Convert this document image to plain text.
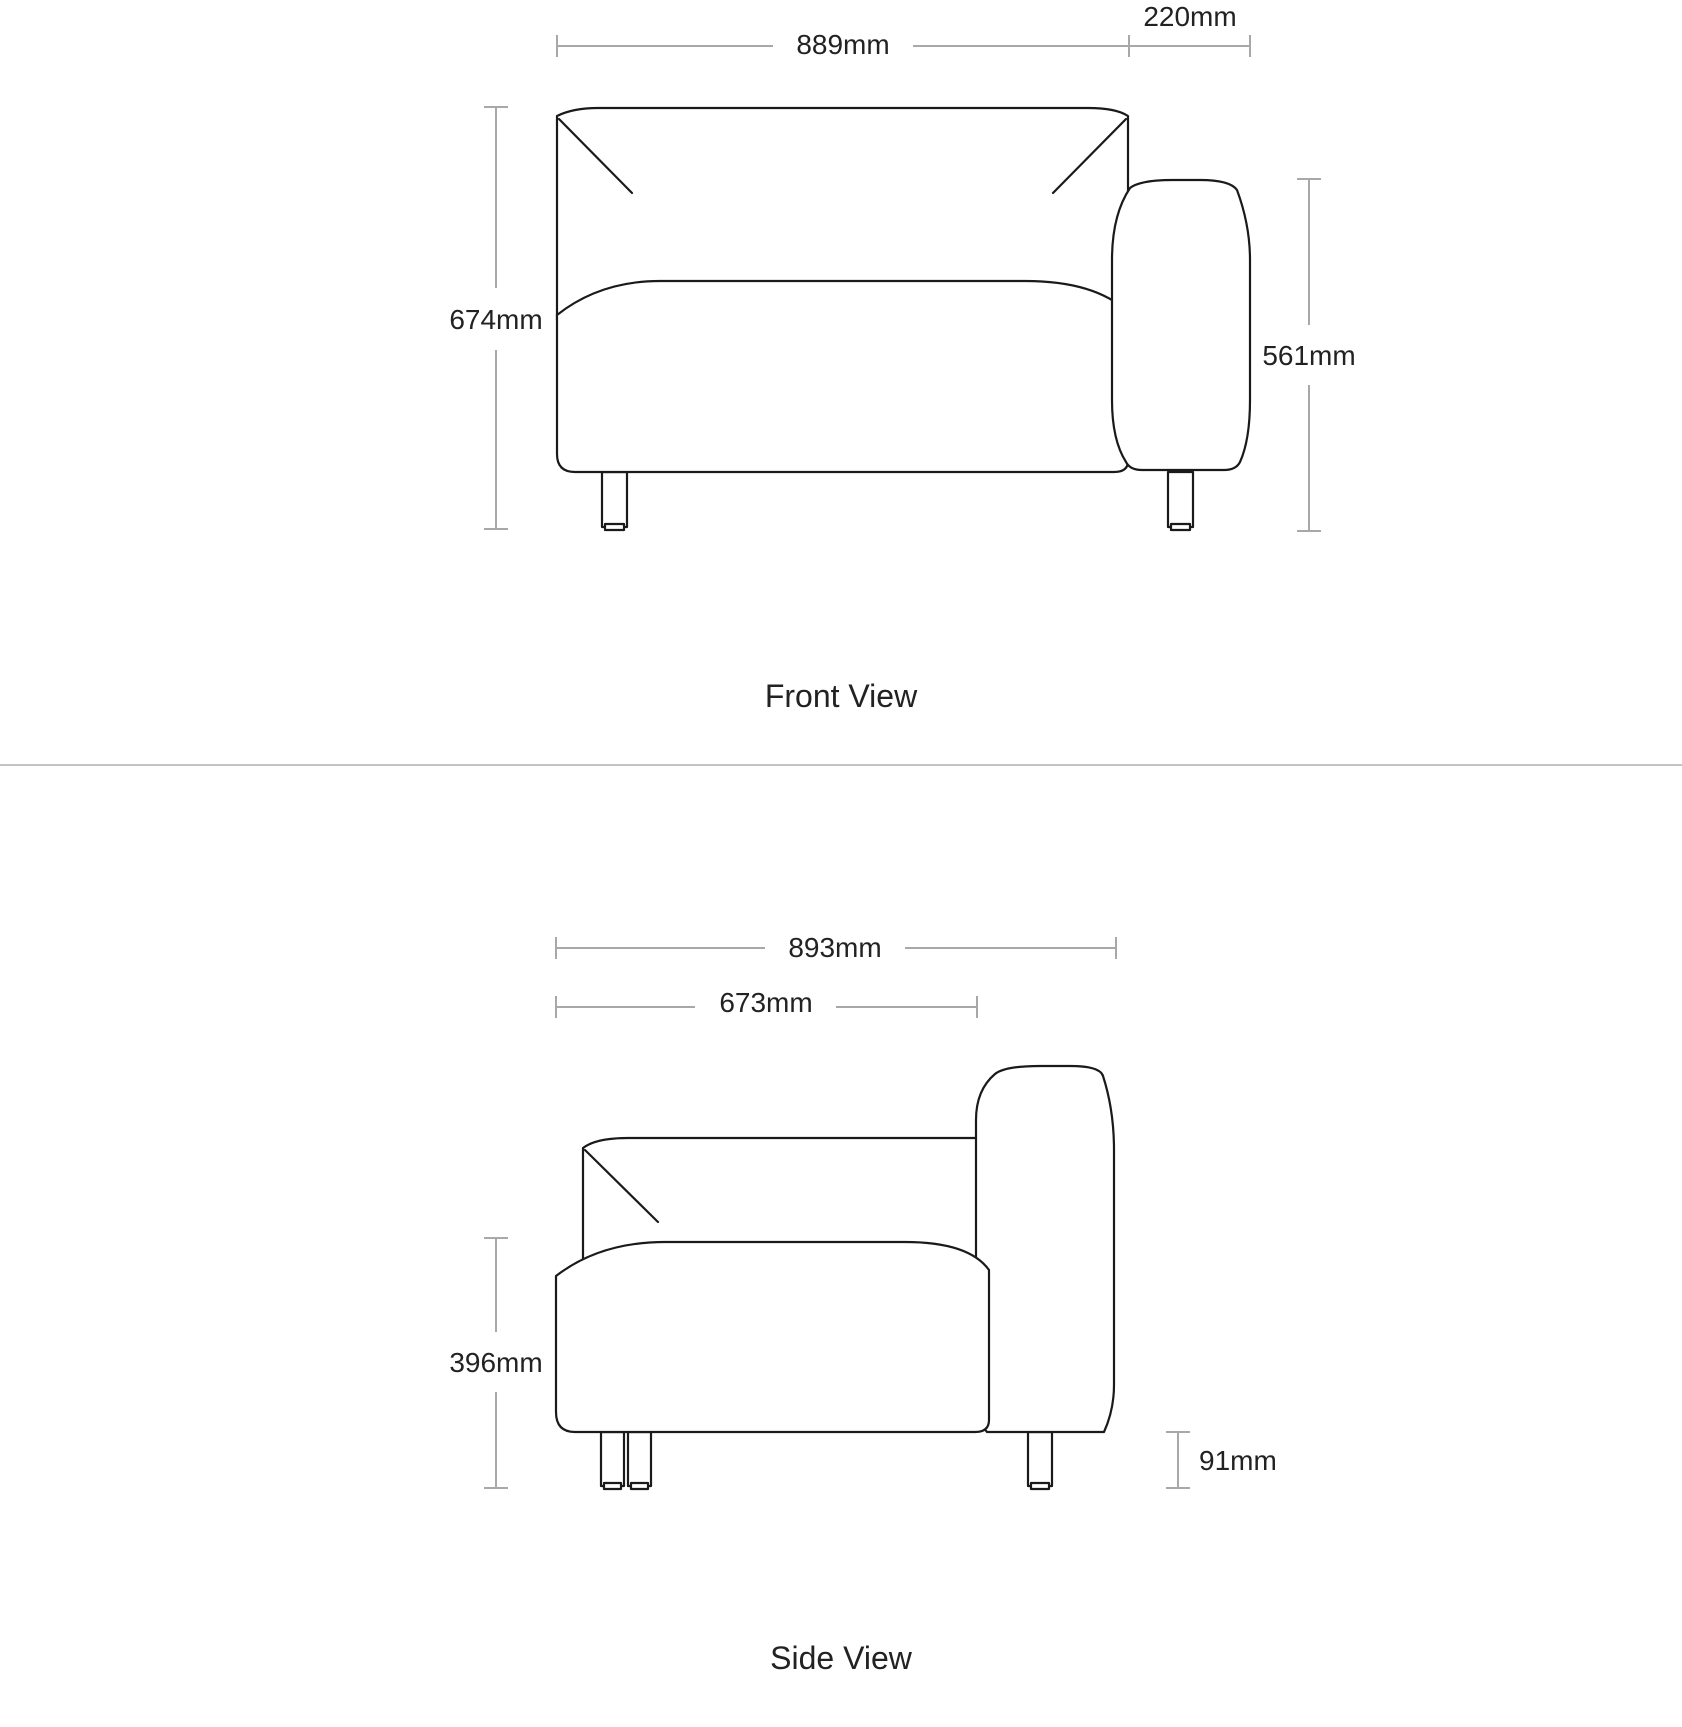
889mm
220mm
674mm
561mm
Front View
893mm
673mm
396mm
91mm
Side View
